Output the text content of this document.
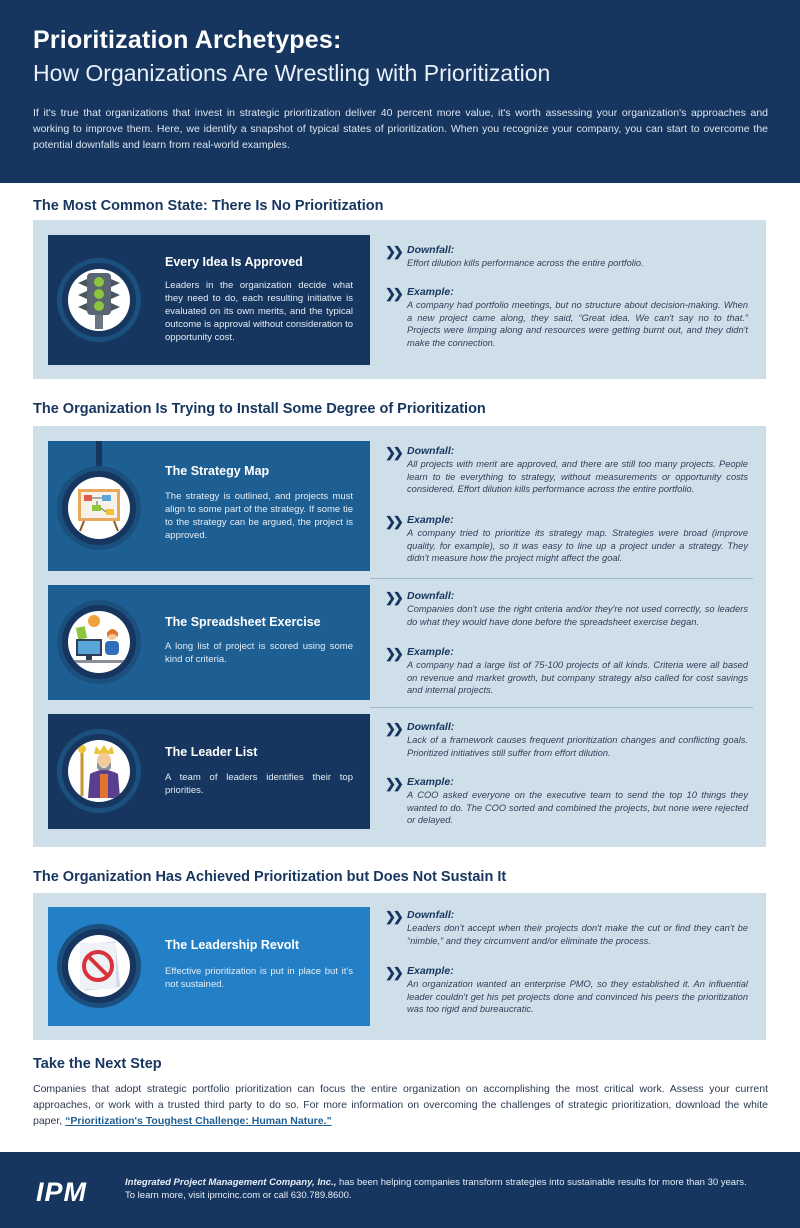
Prioritization Archetypes:
How Organizations Are Wrestling with Prioritization

If it's true that organizations that invest in strategic prioritization deliver 40 percent more value, it's worth assessing your organization's approaches and working to improve them. Here, we identify a snapshot of typical states of prioritization. When you recognize your company, you can start to overcome the potential downfalls and learn from real-world examples.

The Most Common State: There Is No Prioritization
Every Idea Is Approved
Leaders in the organization decide what they need to do, each resulting initiative is evaluated on its own merits, and the typical outcome is approval without consideration to opportunity cost.
❯❯ Downfall:
Effort dilution kills performance across the entire portfolio.
❯❯ Example:
A company had portfolio meetings, but no structure about decision-making. When a new project came along, they said, “Great idea. We can't say no to that.” Projects were limping along and resources were getting burnt out, and they didn't make the connection.
The Organization Is Trying to Install Some Degree of Prioritization
The Strategy Map
The strategy is outlined, and projects must align to some part of the strategy. If some tie to the strategy can be argued, the project is approved.
❯❯ Downfall:
All projects with merit are approved, and there are still too many projects. People learn to tie everything to strategy, without measurements or opportunity costs considered. Effort dilution kills performance across the entire portfolio.
❯❯ Example:
A company tried to prioritize its strategy map. Strategies were broad (improve quality, for example), so it was easy to line up a project under a strategy. They didn't measure how the project might affect the goal.
The Spreadsheet Exercise
A long list of project is scored using some kind of criteria.
❯❯ Downfall:
Companies don't use the right criteria and/or they're not used correctly, so leaders do what they would have done before the spreadsheet exercise began.
❯❯ Example:
A company had a large list of 75-100 projects of all kinds. Criteria were all based on revenue and market growth, but company strategy also called for cost savings and internal projects.
The Leader List
A team of leaders identifies their top priorities.
❯❯ Downfall:
Lack of a framework causes frequent prioritization changes and conflicting goals. Prioritized initiatives still suffer from effort dilution.
❯❯ Example:
A COO asked everyone on the executive team to send the top 10 things they wanted to do. The COO sorted and combined the projects, but none were rejected or delayed.
The Organization Has Achieved Prioritization but Does Not Sustain It
The Leadership Revolt
Effective prioritization is put in place but it's not sustained.
❯❯ Downfall:
Leaders don't accept when their projects don't make the cut or find they can't be “nimble,” and they circumvent and/or eliminate the process.
❯❯ Example:
An organization wanted an enterprise PMO, so they established it. An influential leader couldn't get his pet projects done and convinced his peers the prioritization was too rigid and bureaucratic.
Take the Next Step
Companies that adopt strategic portfolio prioritization can focus the entire organization on accomplishing the most critical work. Assess your current approaches, or work with a trusted third party to do so. For more information on overcoming the challenges of strategic prioritization, download the white paper, “Prioritization's Toughest Challenge: Human Nature.”
IPM	Integrated Project Management Company, Inc., has been helping companies transform strategies into sustainable results for more than 30 years.
To learn more, visit ipmcinc.com or call 630.789.8600.
